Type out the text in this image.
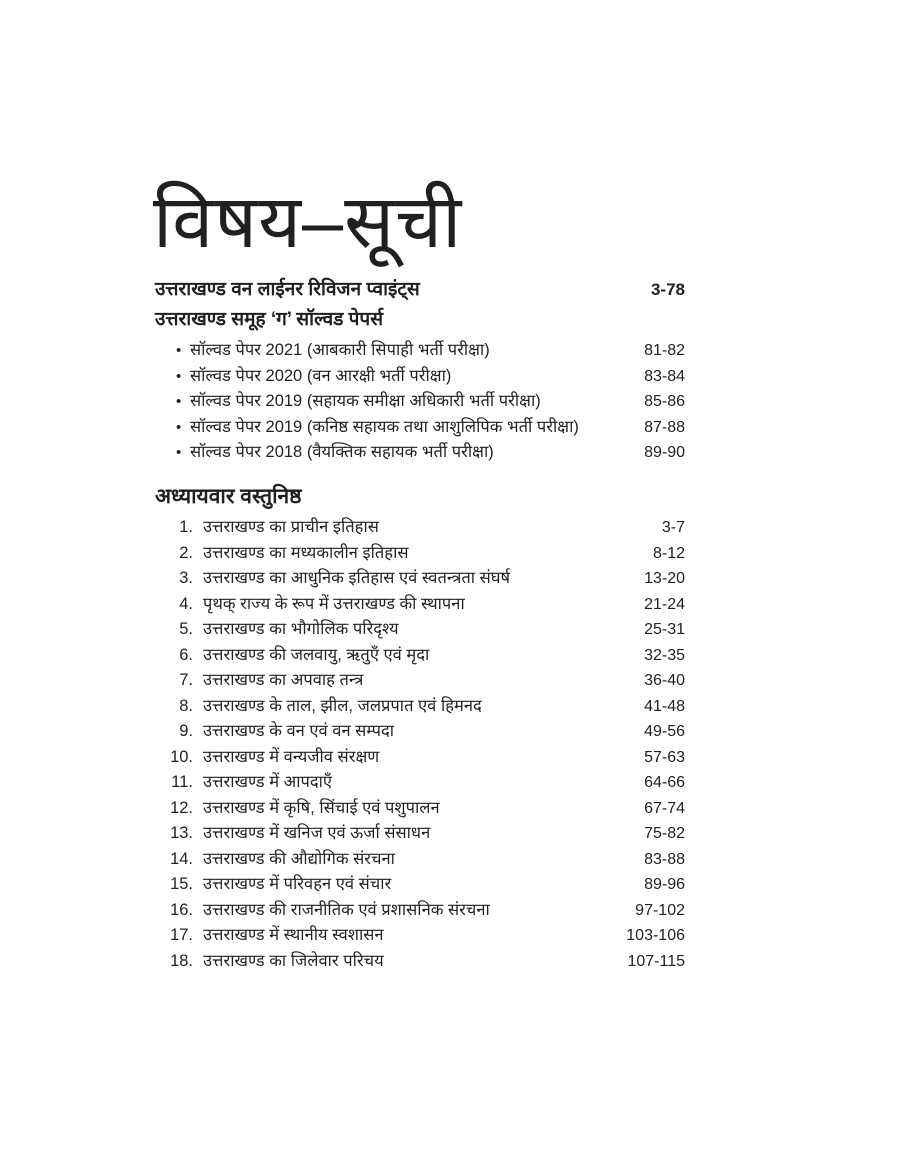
विषय–सूची
उत्तराखण्ड वन लाईनर रिविजन प्वाइंट्स	3-78
उत्तराखण्ड समूह ‘ग’ सॉल्वड पेपर्स
• सॉल्वड पेपर 2021 (आबकारी सिपाही भर्ती परीक्षा)	81-82
• सॉल्वड पेपर 2020 (वन आरक्षी भर्ती परीक्षा)	83-84
• सॉल्वड पेपर 2019 (सहायक समीक्षा अधिकारी भर्ती परीक्षा)	85-86
• सॉल्वड पेपर 2019 (कनिष्ठ सहायक तथा आशुलिपिक भर्ती परीक्षा)	87-88
• सॉल्वड पेपर 2018 (वैयक्तिक सहायक भर्ती परीक्षा)	89-90
अध्यायवार वस्तुनिष्ठ
1. उत्तराखण्ड का प्राचीन इतिहास	3-7
2. उत्तराखण्ड का मध्यकालीन इतिहास	8-12
3. उत्तराखण्ड का आधुनिक इतिहास एवं स्वतन्त्रता संघर्ष	13-20
4. पृथक् राज्य के रूप में उत्तराखण्ड की स्थापना	21-24
5. उत्तराखण्ड का भौगोलिक परिदृश्य	25-31
6. उत्तराखण्ड की जलवायु, ऋतुएँ एवं मृदा	32-35
7. उत्तराखण्ड का अपवाह तन्त्र	36-40
8. उत्तराखण्ड के ताल, झील, जलप्रपात एवं हिमनद	41-48
9. उत्तराखण्ड के वन एवं वन सम्पदा	49-56
10. उत्तराखण्ड में वन्यजीव संरक्षण	57-63
11. उत्तराखण्ड में आपदाएँ	64-66
12. उत्तराखण्ड में कृषि, सिंचाई एवं पशुपालन	67-74
13. उत्तराखण्ड में खनिज एवं ऊर्जा संसाधन	75-82
14. उत्तराखण्ड की औद्योगिक संरचना	83-88
15. उत्तराखण्ड में परिवहन एवं संचार	89-96
16. उत्तराखण्ड की राजनीतिक एवं प्रशासनिक संरचना	97-102
17. उत्तराखण्ड में स्थानीय स्वशासन	103-106
18. उत्तराखण्ड का जिलेवार परिचय	107-115
